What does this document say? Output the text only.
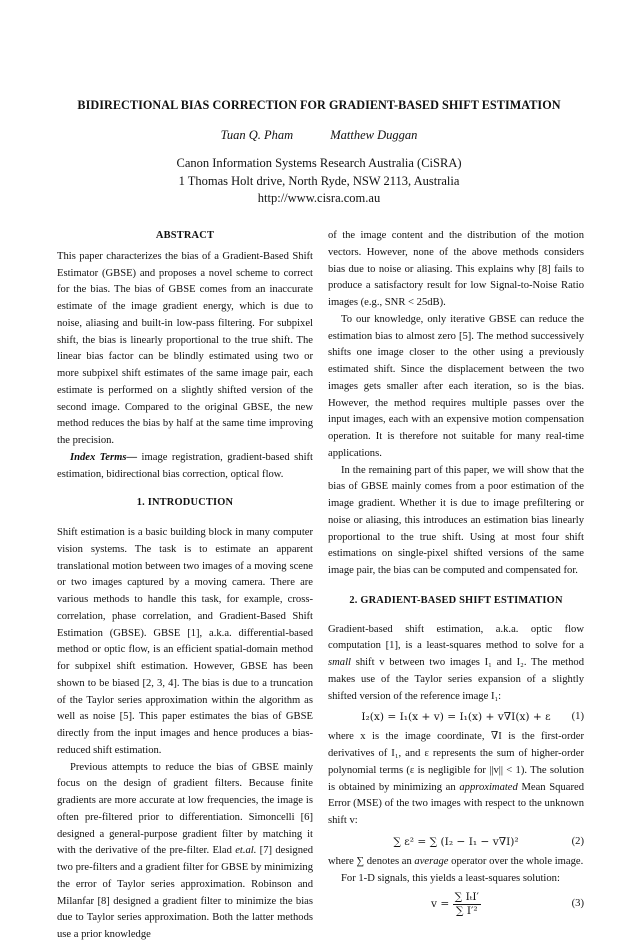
BIDIRECTIONAL BIAS CORRECTION FOR GRADIENT-BASED SHIFT ESTIMATION
Tuan Q. Pham	Matthew Duggan
Canon Information Systems Research Australia (CiSRA)
1 Thomas Holt drive, North Ryde, NSW 2113, Australia
http://www.cisra.com.au
ABSTRACT

This paper characterizes the bias of a Gradient-Based Shift Estimator (GBSE) and proposes a novel scheme to correct for the bias. The bias of GBSE comes from an inaccurate estimate of the image gradient energy, which is due to noise, aliasing and built-in low-pass filtering. For subpixel shift, the bias is linearly proportional to the true shift. The linear bias factor can be blindly estimated using two or more subpixel shift estimates of the same image pair, each estimate is performed on a slightly shifted version of the second image. Compared to the original GBSE, the new method reduces the bias by half at the same time improving the precision.

Index Terms— image registration, gradient-based shift estimation, bidirectional bias correction, optical flow.

1. INTRODUCTION

Shift estimation is a basic building block in many computer vision systems. The task is to estimate an apparent translational motion between two images of a moving scene or two images captured by a moving camera. There are various methods to handle this task, for example, cross-correlation, phase correlation, and Gradient-Based Shift Estimation (GBSE). GBSE [1], a.k.a. differential-based method or optic flow, is an efficient spatial-domain method for subpixel shift estimation. However, GBSE has been shown to be biased [2, 3, 4]. The bias is due to a truncation of the Taylor series approximation within the algorithm as well as noise [5]. This paper estimates the bias of GBSE directly from the input images and hence produces a bias-reduced shift estimation.

Previous attempts to reduce the bias of GBSE mainly focus on the design of gradient filters. Because finite gradients are more accurate at low frequencies, the image is often pre-filtered prior to differentiation. Simoncelli [6] designed a general-purpose gradient filter by matching it with the derivative of the pre-filter. Elad et.al. [7] designed two pre-filters and a gradient filter for GBSE by minimizing the error of Taylor series approximation. Robinson and Milanfar [8] designed a gradient filter to minimize the bias due to Taylor series approximation. Both the latter methods use a prior knowledge

of the image content and the distribution of the motion vectors. However, none of the above methods considers bias due to noise or aliasing. This explains why [8] fails to produce a satisfactory result for low Signal-to-Noise Ratio images (e.g., SNR < 25dB).

To our knowledge, only iterative GBSE can reduce the estimation bias to almost zero [5]. The method successively shifts one image closer to the other using a previously estimated shift. Since the displacement between the two images gets smaller after each iteration, so is the bias. However, the method requires multiple passes over the input images, each with an expensive motion compensation operation. It is therefore not suitable for many real-time applications.

In the remaining part of this paper, we will show that the bias of GBSE mainly comes from a poor estimation of the image gradient. Whether it is due to image prefiltering or noise or aliasing, this introduces an estimation bias linearly proportional to the true shift. Using at most four shift estimations on single-pixel shifted versions of the same image pair, the bias can be computed and compensated for.

2. GRADIENT-BASED SHIFT ESTIMATION

Gradient-based shift estimation, a.k.a. optic flow computation [1], is a least-squares method to solve for a small shift v between two images I₁ and I₂. The method makes use of the Taylor series expansion of a slightly shifted version of the reference image I₁:

I₂(x) = I₁(x + v) = I₁(x) + v∇I(x) + ε (1)

where x is the image coordinate, ∇I is the first-order derivatives of I₁, and ε represents the sum of higher-order polynomial terms (ε is negligible for ||v|| < 1). The solution is obtained by minimizing an approximated Mean Squared Error (MSE) of the two images with respect to the unknown shift v:

∑ ε² = ∑ (I₂ − I₁ − v∇I)²	(2)

where ∑ denotes an average operator over the whole image.

For 1-D signals, this yields a least-squares solution:

$v = \frac{\text{∑ IₜI′}}{\text{∑ I′²}}$	(3)
